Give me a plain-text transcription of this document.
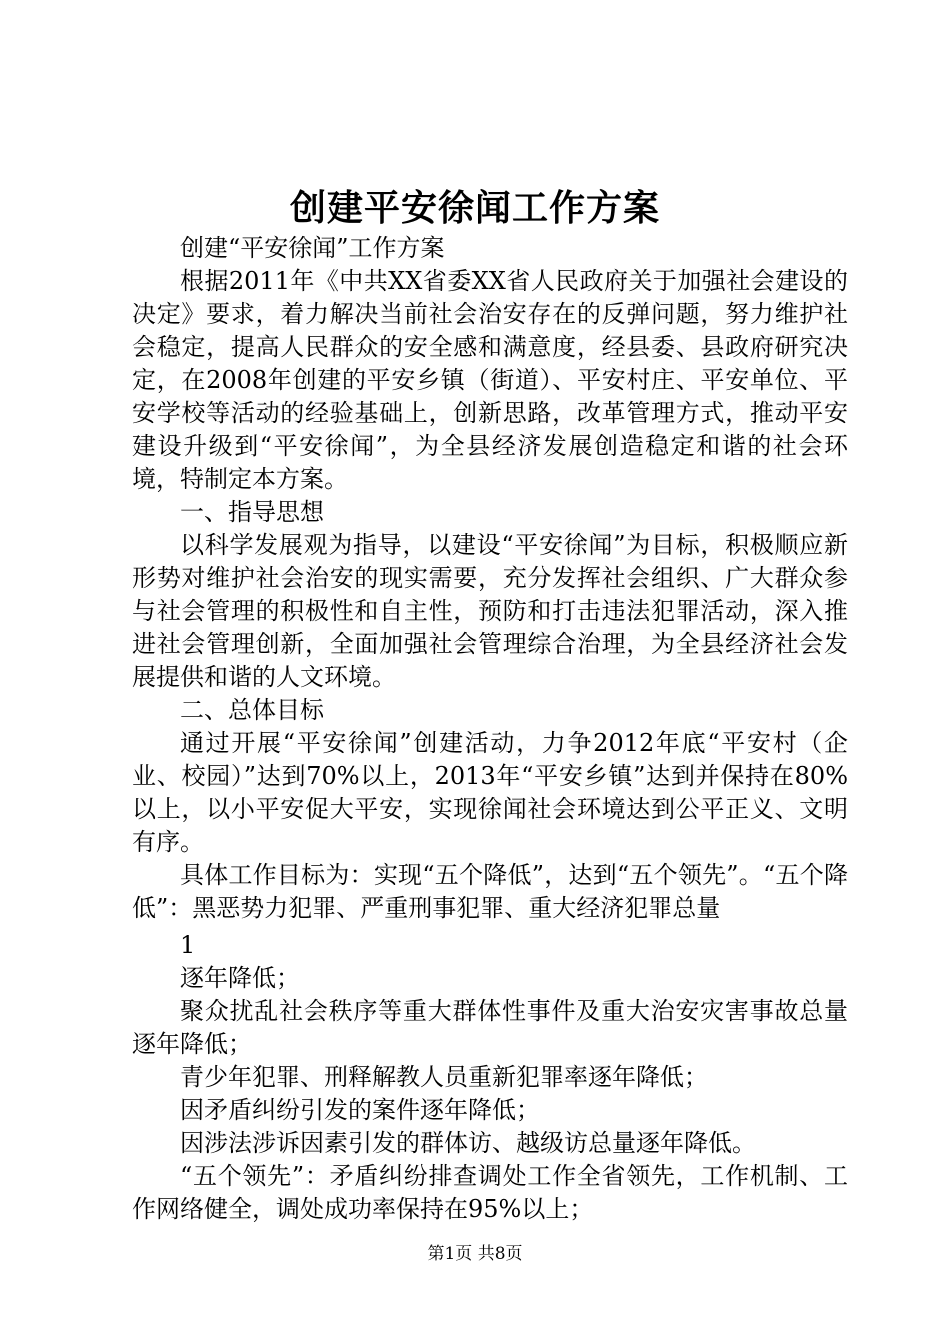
创建平安徐闻工作方案

创建“平安徐闻”工作方案

根据2011年《中共XX省委XX省人民政府关于加强社会建设的决定》要求，着力解决当前社会治安存在的反弹问题，努力维护社会稳定，提高人民群众的安全感和满意度，经县委、县政府研究决定，在2008年创建的平安乡镇（街道）、平安村庄、平安单位、平安学校等活动的经验基础上，创新思路，改革管理方式，推动平安建设升级到“平安徐闻”，为全县经济发展创造稳定和谐的社会环境，特制定本方案。

一、指导思想

以科学发展观为指导，以建设“平安徐闻”为目标，积极顺应新形势对维护社会治安的现实需要，充分发挥社会组织、广大群众参与社会管理的积极性和自主性，预防和打击违法犯罪活动，深入推进社会管理创新，全面加强社会管理综合治理，为全县经济社会发展提供和谐的人文环境。

二、总体目标

通过开展“平安徐闻”创建活动，力争2012年底“平安村（企业、校园）”达到70%以上，2013年“平安乡镇”达到并保持在80%以上，以小平安促大平安，实现徐闻社会环境达到公平正义、文明有序。

具体工作目标为：实现“五个降低”，达到“五个领先”。“五个降低”：黑恶势力犯罪、严重刑事犯罪、重大经济犯罪总量

1

逐年降低；

聚众扰乱社会秩序等重大群体性事件及重大治安灾害事故总量逐年降低；

青少年犯罪、刑释解教人员重新犯罪率逐年降低；

因矛盾纠纷引发的案件逐年降低；

因涉法涉诉因素引发的群体访、越级访总量逐年降低。

“五个领先”：矛盾纠纷排查调处工作全省领先，工作机制、工作网络健全，调处成功率保持在95%以上；

第1页 共8页
